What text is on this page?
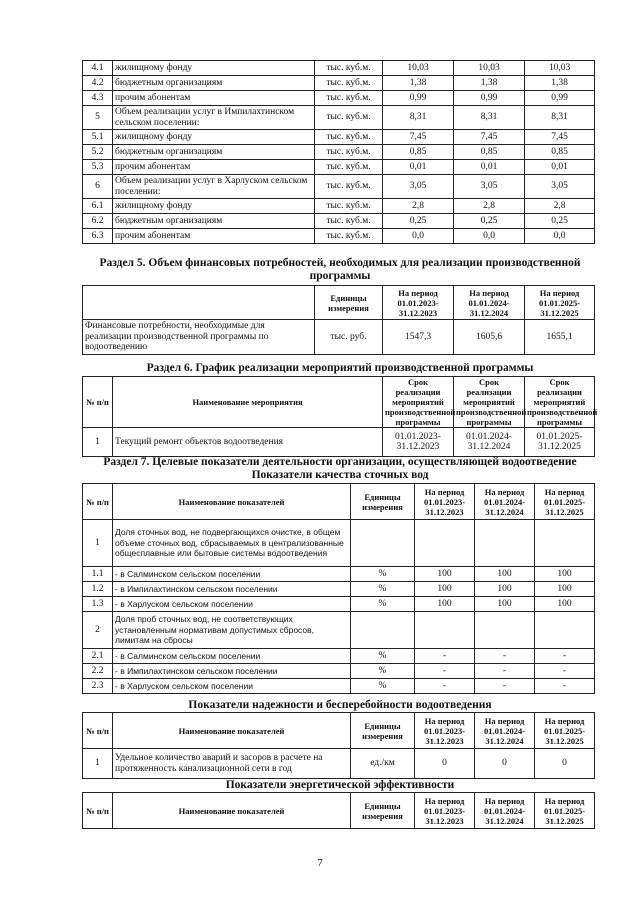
4.1	жилищному фонду	тыс. куб.м.	10,03	10,03	10,03
4.2	бюджетным организациям	тыс. куб.м.	1,38	1,38	1,38
4.3	прочим абонентам	тыс. куб.м.	0,99	0,99	0,99
5	Объем реализации услуг в Импилахтинском сельском поселении:	тыс. куб.м.	8,31	8,31	8,31
5.1	жилищному фонду	тыс. куб.м.	7,45	7,45	7,45
5.2	бюджетным организациям	тыс. куб.м.	0,85	0,85	0,85
5.3	прочим абонентам	тыс. куб.м.	0,01	0,01	0,01
6	Объем реализации услуг в Харлуском сельском поселении:	тыс. куб.м.	3,05	3,05	3,05
6.1	жилищному фонду	тыс. куб.м.	2,8	2,8	2,8
6.2	бюджетным организациям	тыс. куб.м.	0,25	0,25	0,25
6.3	прочим абонентам	тыс. куб.м.	0,0	0,0	0,0
Раздел 5. Объем финансовых потребностей, необходимых для реализации производственной
программы
	Единицы измерения	На период 01.01.2023-31.12.2023	На период 01.01.2024-31.12.2024	На период 01.01.2025-31.12.2025
Финансовые потребности, необходимые для реализации производственной программы по водоотведению	тыс. руб.	1547,3	1605,6	1655,1
Раздел 6. График реализации мероприятий производственной программы
№ п/п	Наименование мероприятия	Срок реализации мероприятий производственной программы	Срок реализации мероприятий производственной программы	Срок реализации мероприятий производственной программы
1	Текущий ремонт объектов водоотведения	01.01.2023-31.12.2023	01.01.2024-31.12.2024	01.01.2025-31.12.2025
Раздел 7. Целевые показатели деятельности организации, осуществляющей водоотведение
Показатели качества сточных вод
№ п/п	Наименование показателей	Единицы измерения	На период 01.01.2023-31.12.2023	На период 01.01.2024-31.12.2024	На период 01.01.2025-31.12.2025
1	Доля сточных вод, не подвергающихся очистке, в общем объеме сточных вод, сбрасываемых в централизованные общесплавные или бытовые системы водоотведения				
1.1	- в Салминском сельском поселении	%	100	100	100
1.2	- в Импилахтинском сельском поселении	%	100	100	100
1.3	- в Харлуском сельском поселении	%	100	100	100
2	Доля проб сточных вод, не соответствующих установленным нормативам допустимых сбросов, лимитам на сбросы				
2.1	- в Салминском сельском поселении	%	-	-	-
2.2	- в Импилахтинском сельском поселении	%	-	-	-
2.3	- в Харлуском сельском поселении	%	-	-	-
Показатели надежности и бесперебойности водоотведения
№ п/п	Наименование показателей	Единицы измерения	На период 01.01.2023-31.12.2023	На период 01.01.2024-31.12.2024	На период 01.01.2025-31.12.2025
1	Удельное количество аварий и засоров в расчете на протяженность канализационной сети в год	ед./км	0	0	0
Показатели энергетической эффективности
№ п/п	Наименование показателей	Единицы измерения	На период 01.01.2023-31.12.2023	На период 01.01.2024-31.12.2024	На период 01.01.2025-31.12.2025
7
